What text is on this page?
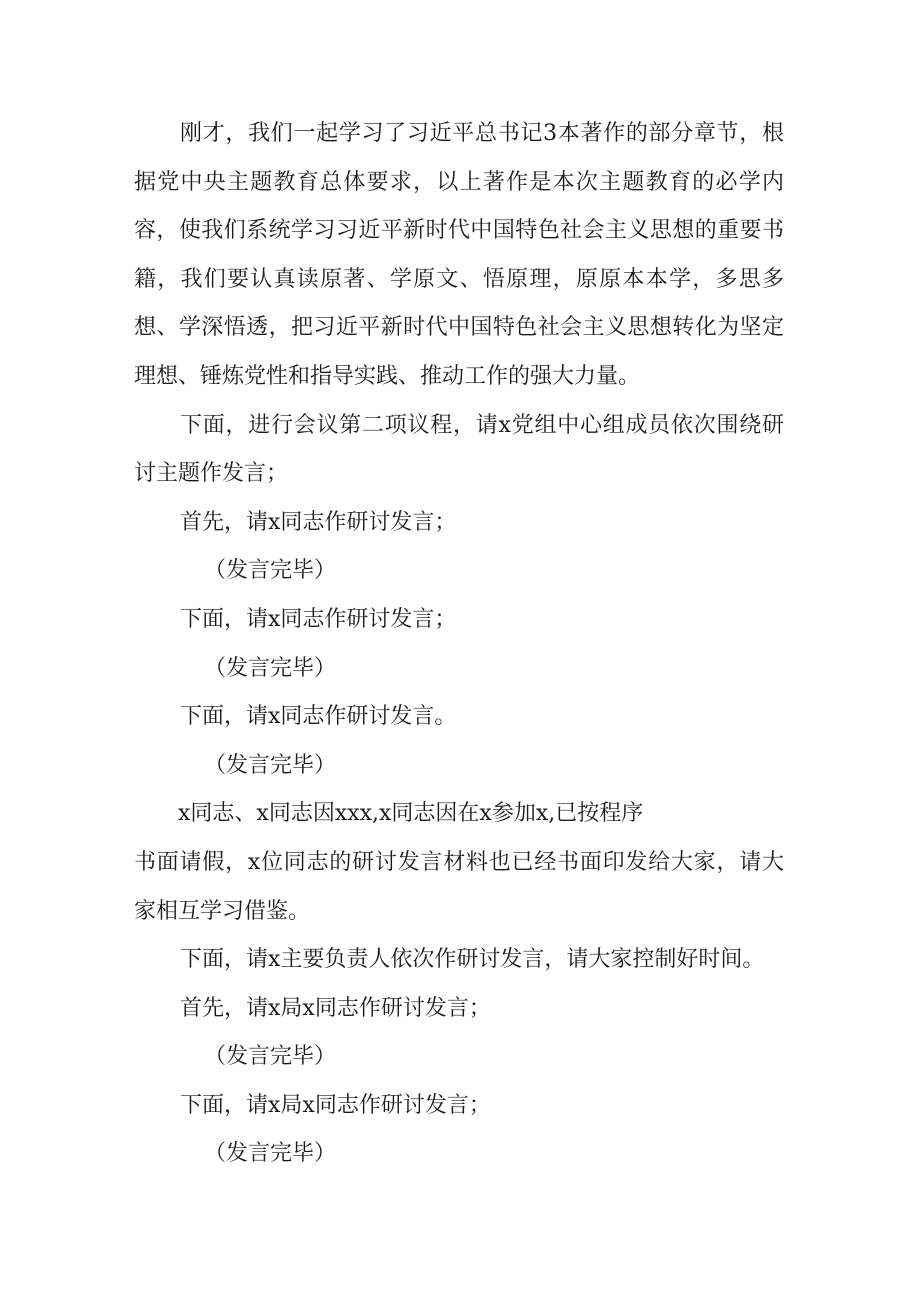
刚才，我们一起学习了习近平总书记3本著作的部分章节，根据党中央主题教育总体要求，以上著作是本次主题教育的必学内容，使我们系统学习习近平新时代中国特色社会主义思想的重要书籍，我们要认真读原著、学原文、悟原理，原原本本学，多思多想、学深悟透，把习近平新时代中国特色社会主义思想转化为坚定理想、锤炼党性和指导实践、推动工作的强大力量。

下面，进行会议第二项议程，请x党组中心组成员依次围绕研讨主题作发言；

首先，请x同志作研讨发言；

（发言完毕）

下面，请x同志作研讨发言；

（发言完毕）

下面，请x同志作研讨发言。

（发言完毕）

x同志、x同志因xxx,x同志因在x参加x,已按程序

书面请假，x位同志的研讨发言材料也已经书面印发给大家，请大家相互学习借鉴。

下面，请x主要负责人依次作研讨发言，请大家控制好时间。

首先，请x局x同志作研讨发言；

（发言完毕）

下面，请x局x同志作研讨发言；

（发言完毕）
